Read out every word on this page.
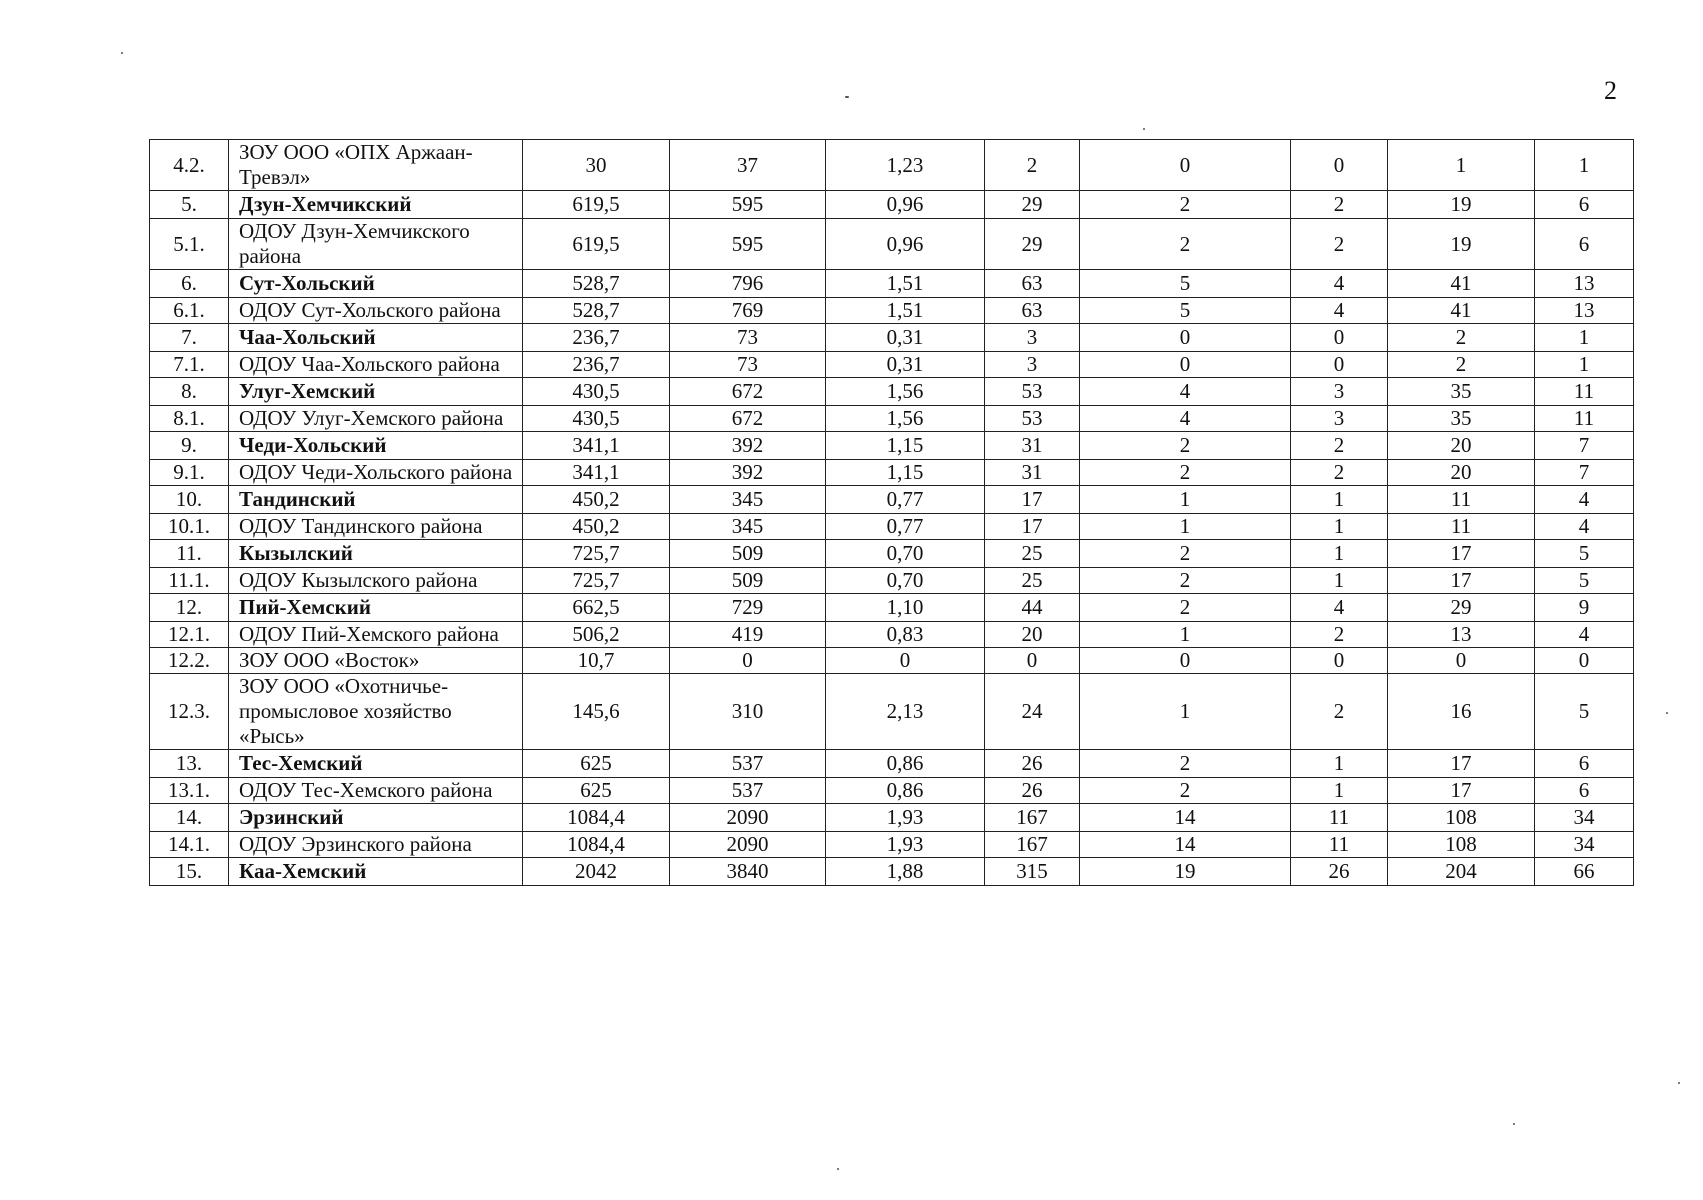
2
4.2.	ЗОУ ООО «ОПХ Аржаан-Тревэл»	30	37	1,23	2	0	0	1	1
5.	Дзун-Хемчикский	619,5	595	0,96	29	2	2	19	6
5.1.	ОДОУ Дзун-Хемчикского района	619,5	595	0,96	29	2	2	19	6
6.	Сут-Хольский	528,7	796	1,51	63	5	4	41	13
6.1.	ОДОУ Сут-Хольского района	528,7	769	1,51	63	5	4	41	13
7.	Чаа-Хольский	236,7	73	0,31	3	0	0	2	1
7.1.	ОДОУ Чаа-Хольского района	236,7	73	0,31	3	0	0	2	1
8.	Улуг-Хемский	430,5	672	1,56	53	4	3	35	11
8.1.	ОДОУ Улуг-Хемского района	430,5	672	1,56	53	4	3	35	11
9.	Чеди-Хольский	341,1	392	1,15	31	2	2	20	7
9.1.	ОДОУ Чеди-Хольского района	341,1	392	1,15	31	2	2	20	7
10.	Тандинский	450,2	345	0,77	17	1	1	11	4
10.1.	ОДОУ Тандинского района	450,2	345	0,77	17	1	1	11	4
11.	Кызылский	725,7	509	0,70	25	2	1	17	5
11.1.	ОДОУ Кызылского района	725,7	509	0,70	25	2	1	17	5
12.	Пий-Хемский	662,5	729	1,10	44	2	4	29	9
12.1.	ОДОУ Пий-Хемского района	506,2	419	0,83	20	1	2	13	4
12.2.	ЗОУ ООО «Восток»	10,7	0	0	0	0	0	0	0
12.3.	ЗОУ ООО «Охотничье-промысловое хозяйство «Рысь»	145,6	310	2,13	24	1	2	16	5
13.	Тес-Хемский	625	537	0,86	26	2	1	17	6
13.1.	ОДОУ Тес-Хемского района	625	537	0,86	26	2	1	17	6
14.	Эрзинский	1084,4	2090	1,93	167	14	11	108	34
14.1.	ОДОУ Эрзинского района	1084,4	2090	1,93	167	14	11	108	34
15.	Каа-Хемский	2042	3840	1,88	315	19	26	204	66
